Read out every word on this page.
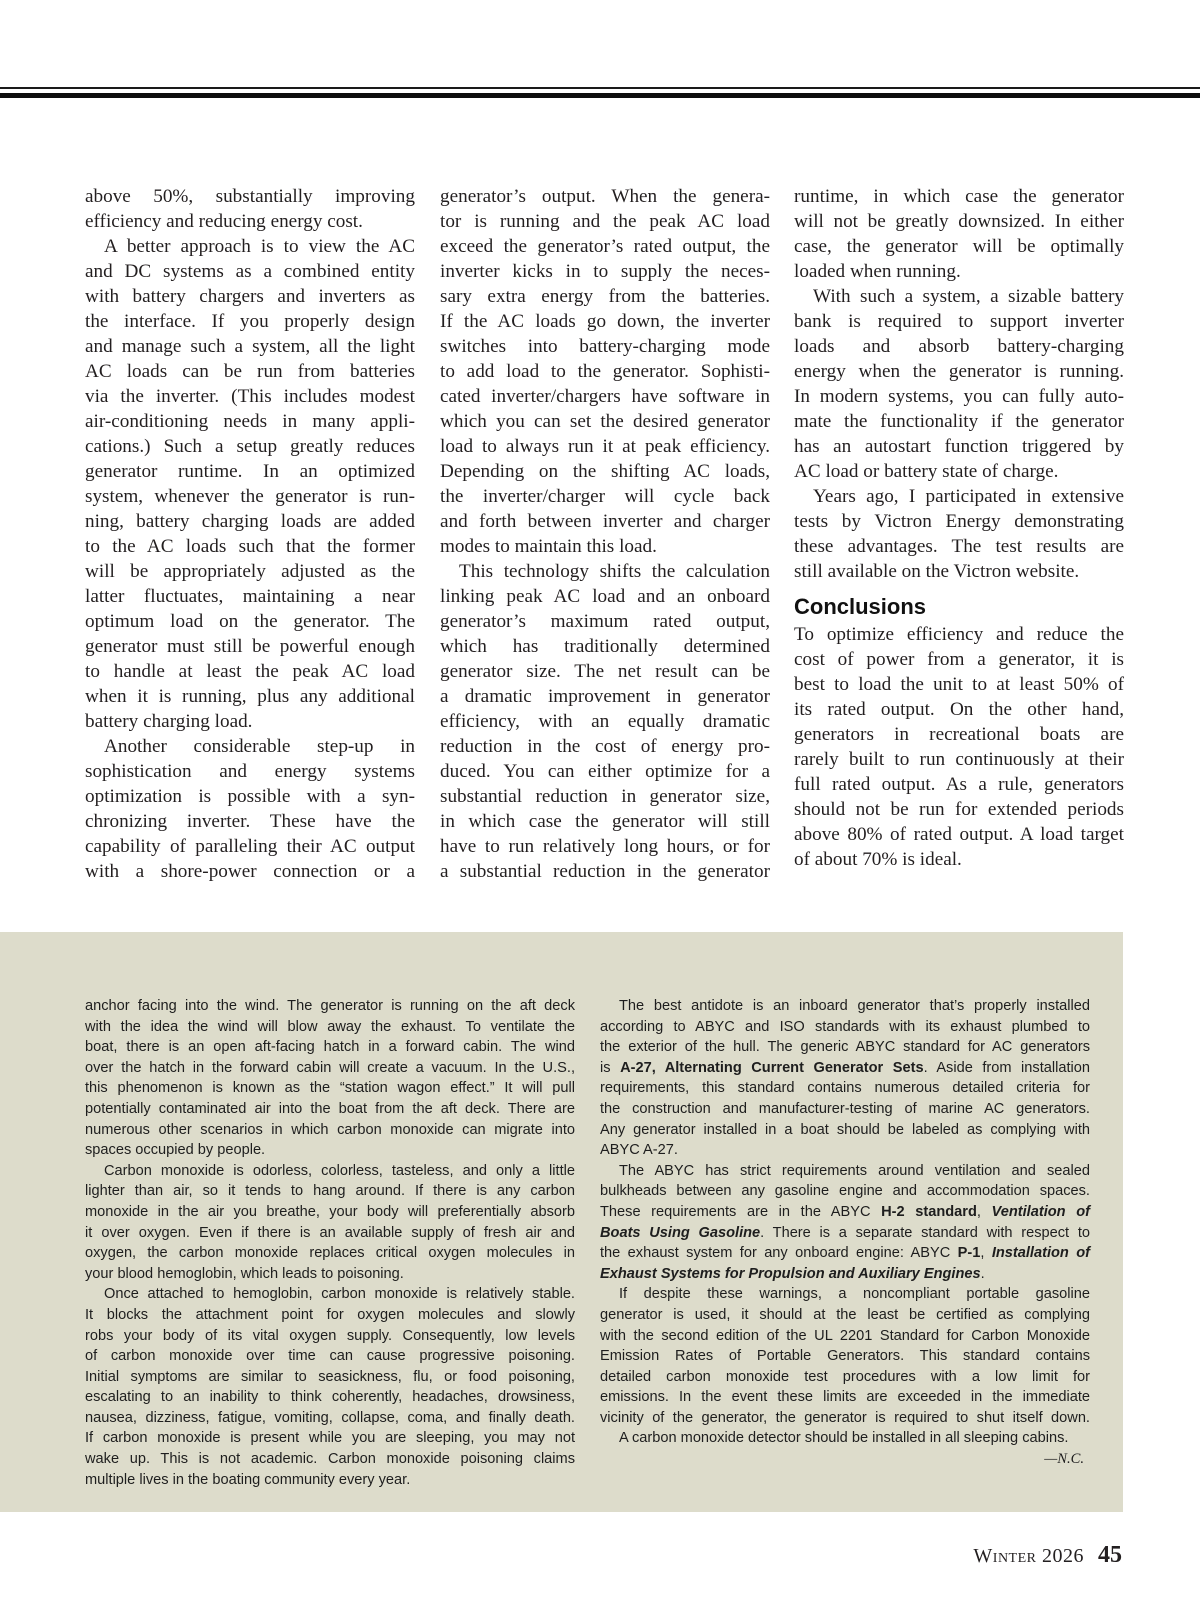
above 50%, substantially improving
efficiency and reducing energy cost.
A better approach is to view the AC
and DC systems as a combined entity
with battery chargers and inverters as
the interface. If you properly design
and manage such a system, all the light
AC loads can be run from batteries
via the inverter. (This includes modest
air-conditioning needs in many appli-
cations.) Such a setup greatly reduces
generator runtime. In an optimized
system, whenever the generator is run-
ning, battery charging loads are added
to the AC loads such that the former
will be appropriately adjusted as the
latter fluctuates, maintaining a near
optimum load on the generator. The
generator must still be powerful enough
to handle at least the peak AC load
when it is running, plus any additional
battery charging load.
Another considerable step-up in
sophistication and energy systems
optimization is possible with a syn-
chronizing inverter. These have the
capability of paralleling their AC output
with a shore-power connection or a
generator’s output. When the genera-
tor is running and the peak AC load
exceed the generator’s rated output, the
inverter kicks in to supply the neces-
sary extra energy from the batteries.
If the AC loads go down, the inverter
switches into battery-charging mode
to add load to the generator. Sophisti-
cated inverter/chargers have software in
which you can set the desired generator
load to always run it at peak efficiency.
Depending on the shifting AC loads,
the inverter/charger will cycle back
and forth between inverter and charger
modes to maintain this load.
This technology shifts the calculation
linking peak AC load and an onboard
generator’s maximum rated output,
which has traditionally determined
generator size. The net result can be
a dramatic improvement in generator
efficiency, with an equally dramatic
reduction in the cost of energy pro-
duced. You can either optimize for a
substantial reduction in generator size,
in which case the generator will still
have to run relatively long hours, or for
a substantial reduction in the generator
runtime, in which case the generator
will not be greatly downsized. In either
case, the generator will be optimally
loaded when running.
With such a system, a sizable battery
bank is required to support inverter
loads and absorb battery-charging
energy when the generator is running.
In modern systems, you can fully auto-
mate the functionality if the generator
has an autostart function triggered by
AC load or battery state of charge.
Years ago, I participated in extensive
tests by Victron Energy demonstrating
these advantages. The test results are
still available on the Victron website.
Conclusions
To optimize efficiency and reduce the
cost of power from a generator, it is
best to load the unit to at least 50% of
its rated output. On the other hand,
generators in recreational boats are
rarely built to run continuously at their
full rated output. As a rule, generators
should not be run for extended periods
above 80% of rated output. A load target
of about 70% is ideal.
anchor facing into the wind. The generator is running on the aft deck
with the idea the wind will blow away the exhaust. To ventilate the
boat, there is an open aft-facing hatch in a forward cabin. The wind
over the hatch in the forward cabin will create a vacuum. In the U.S.,
this phenomenon is known as the “station wagon effect.” It will pull
potentially contaminated air into the boat from the aft deck. There are
numerous other scenarios in which carbon monoxide can migrate into
spaces occupied by people.
Carbon monoxide is odorless, colorless, tasteless, and only a little
lighter than air, so it tends to hang around. If there is any carbon
monoxide in the air you breathe, your body will preferentially absorb
it over oxygen. Even if there is an available supply of fresh air and
oxygen, the carbon monoxide replaces critical oxygen molecules in
your blood hemoglobin, which leads to poisoning.
Once attached to hemoglobin, carbon monoxide is relatively stable.
It blocks the attachment point for oxygen molecules and slowly
robs your body of its vital oxygen supply. Consequently, low levels
of carbon monoxide over time can cause progressive poisoning.
Initial symptoms are similar to seasickness, flu, or food poisoning,
escalating to an inability to think coherently, headaches, drowsiness,
nausea, dizziness, fatigue, vomiting, collapse, coma, and finally death.
If carbon monoxide is present while you are sleeping, you may not
wake up. This is not academic. Carbon monoxide poisoning claims
multiple lives in the boating community every year.
The best antidote is an inboard generator that’s properly installed
according to ABYC and ISO standards with its exhaust plumbed to
the exterior of the hull. The generic ABYC standard for AC generators
is A-27, Alternating Current Generator Sets. Aside from installation
requirements, this standard contains numerous detailed criteria for
the construction and manufacturer-testing of marine AC generators.
Any generator installed in a boat should be labeled as complying with
ABYC A-27.
The ABYC has strict requirements around ventilation and sealed
bulkheads between any gasoline engine and accommodation spaces.
These requirements are in the ABYC H-2 standard, Ventilation of
Boats Using Gasoline. There is a separate standard with respect to
the exhaust system for any onboard engine: ABYC P-1, Installation of
Exhaust Systems for Propulsion and Auxiliary Engines.
If despite these warnings, a noncompliant portable gasoline
generator is used, it should at the least be certified as complying
with the second edition of the UL 2201 Standard for Carbon Monoxide
Emission Rates of Portable Generators. This standard contains
detailed carbon monoxide test procedures with a low limit for
emissions. In the event these limits are exceeded in the immediate
vicinity of the generator, the generator is required to shut itself down.
A carbon monoxide detector should be installed in all sleeping cabins.
—N.C.
Winter 2026 45
